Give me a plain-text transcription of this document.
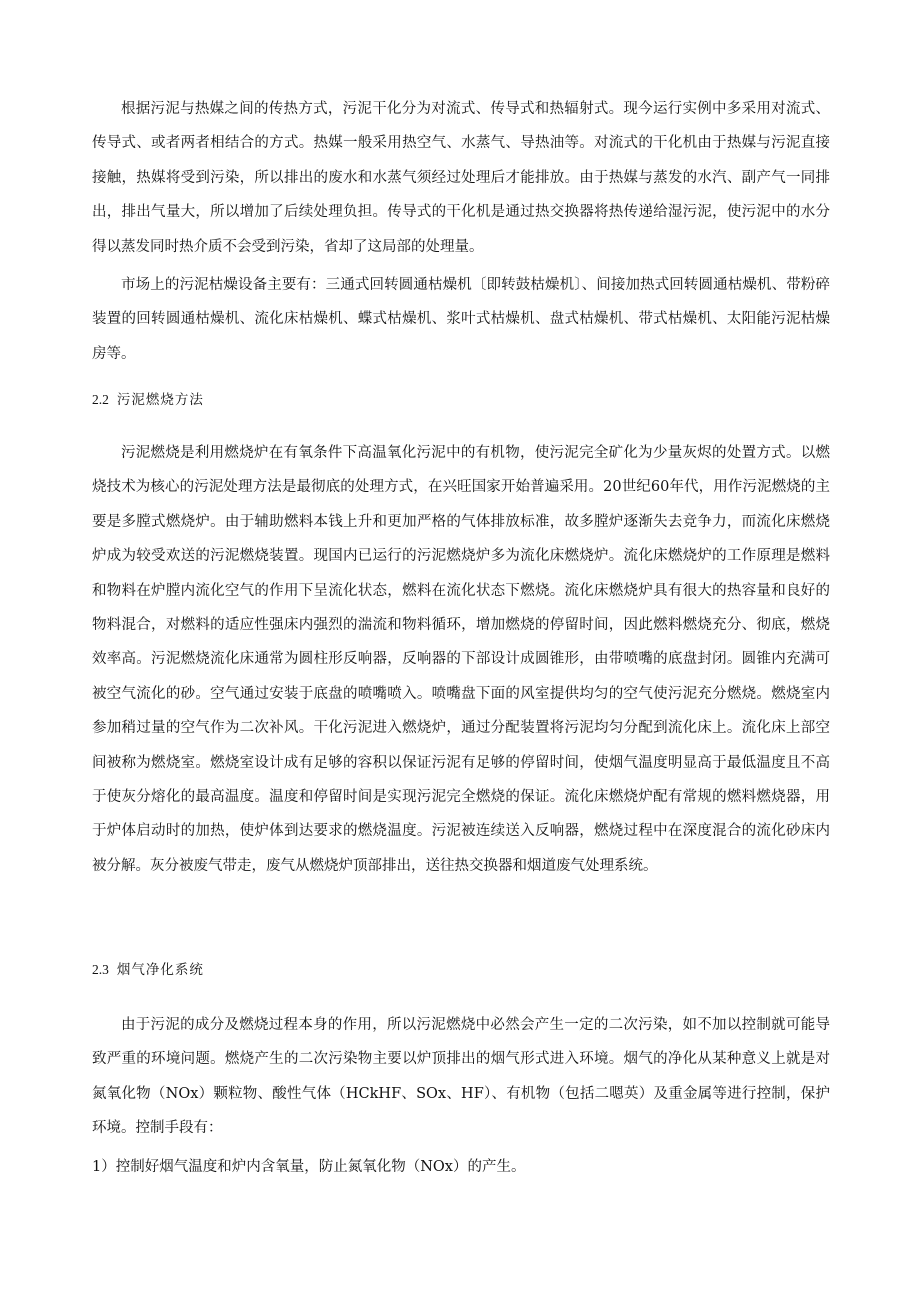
根据污泥与热媒之间的传热方式，污泥干化分为对流式、传导式和热辐射式。现今运行实例中多采用对流式、传导式、或者两者相结合的方式。热媒一般采用热空气、水蒸气、导热油等。对流式的干化机由于热媒与污泥直接接触，热媒将受到污染，所以排出的废水和水蒸气须经过处理后才能排放。由于热媒与蒸发的水汽、副产气一同排出，排出气量大，所以增加了后续处理负担。传导式的干化机是通过热交换器将热传递给湿污泥，使污泥中的水分得以蒸发同时热介质不会受到污染，省却了这局部的处理量。

市场上的污泥枯燥设备主要有：三通式回转圆通枯燥机〔即转鼓枯燥机〕、间接加热式回转圆通枯燥机、带粉碎装置的回转圆通枯燥机、流化床枯燥机、蝶式枯燥机、浆叶式枯燥机、盘式枯燥机、带式枯燥机、太阳能污泥枯燥房等。

2.2 污泥燃烧方法

污泥燃烧是利用燃烧炉在有氧条件下高温氧化污泥中的有机物，使污泥完全矿化为少量灰烬的处置方式。以燃烧技术为核心的污泥处理方法是最彻底的处理方式，在兴旺国家开始普遍采用。20世纪60年代，用作污泥燃烧的主要是多膛式燃烧炉。由于辅助燃料本钱上升和更加严格的气体排放标准，故多膛炉逐渐失去竞争力，而流化床燃烧炉成为较受欢送的污泥燃烧装置。现国内已运行的污泥燃烧炉多为流化床燃烧炉。流化床燃烧炉的工作原理是燃料和物料在炉膛内流化空气的作用下呈流化状态，燃料在流化状态下燃烧。流化床燃烧炉具有很大的热容量和良好的物料混合，对燃料的适应性强床内强烈的湍流和物料循环，增加燃烧的停留时间，因此燃料燃烧充分、彻底，燃烧效率高。污泥燃烧流化床通常为圆柱形反响器，反响器的下部设计成圆锥形，由带喷嘴的底盘封闭。圆锥内充满可被空气流化的砂。空气通过安装于底盘的喷嘴喷入。喷嘴盘下面的风室提供均匀的空气使污泥充分燃烧。燃烧室内参加稍过量的空气作为二次补风。干化污泥进入燃烧炉，通过分配装置将污泥均匀分配到流化床上。流化床上部空间被称为燃烧室。燃烧室设计成有足够的容积以保证污泥有足够的停留时间，使烟气温度明显高于最低温度且不高于使灰分熔化的最高温度。温度和停留时间是实现污泥完全燃烧的保证。流化床燃烧炉配有常规的燃料燃烧器，用于炉体启动时的加热，使炉体到达要求的燃烧温度。污泥被连续送入反响器，燃烧过程中在深度混合的流化砂床内被分解。灰分被废气带走，废气从燃烧炉顶部排出，送往热交换器和烟道废气处理系统。

2.3 烟气净化系统

由于污泥的成分及燃烧过程本身的作用，所以污泥燃烧中必然会产生一定的二次污染，如不加以控制就可能导致严重的环境问题。燃烧产生的二次污染物主要以炉顶排出的烟气形式进入环境。烟气的净化从某种意义上就是对氮氧化物（NOx）颗粒物、酸性气体（HCkHF、SOx、HF）、有机物（包括二嗯英）及重金属等进行控制，保护环境。控制手段有：

1）控制好烟气温度和炉内含氧量，防止氮氧化物（NOx）的产生。
